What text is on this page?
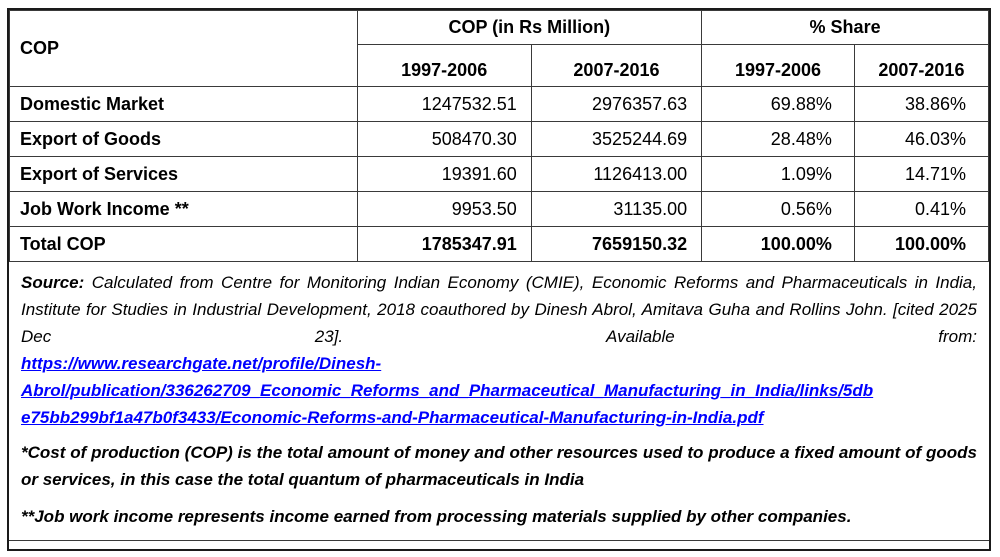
COP	COP (in Rs Million)		% Share	
	1997-2006	2007-2016	1997-2006	2007-2016
Domestic Market	1247532.51	2976357.63	69.88%	38.86%
Export of Goods	508470.30	3525244.69	28.48%	46.03%
Export of Services	19391.60	1126413.00	1.09%	14.71%
Job Work Income **	9953.50	31135.00	0.56%	0.41%
Total COP	1785347.91	7659150.32	100.00%	100.00%

Source: Calculated from Centre for Monitoring Indian Economy (CMIE), Economic Reforms and Pharmaceuticals in India, Institute for Studies in Industrial Development, 2018 coauthored by Dinesh Abrol, Amitava Guha and Rollins John. [cited 2025 Dec 23]. Available from:

https://www.researchgate.net/profile/Dinesh-
Abrol/publication/336262709_Economic_Reforms_and_Pharmaceutical_Manufacturing_in_India/links/5db
e75bb299bf1a47b0f3433/Economic-Reforms-and-Pharmaceutical-Manufacturing-in-India.pdf

*Cost of production (COP) is the total amount of money and other resources used to produce a fixed amount of goods or services, in this case the total quantum of pharmaceuticals in India

**Job work income represents income earned from processing materials supplied by other companies.
